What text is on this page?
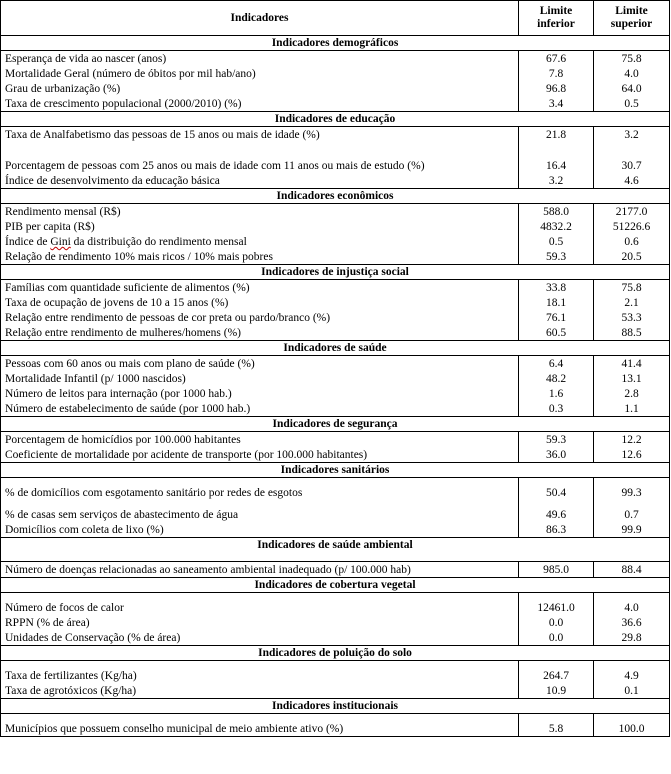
Indicadores	Limite inferior	Limite superior
Indicadores demográficos		
Esperança de vida ao nascer (anos)	67.6	75.8
Mortalidade Geral (número de óbitos por mil hab/ano)	7.8	4.0
Grau de urbanização (%)	96.8	64.0
Taxa de crescimento populacional (2000/2010) (%)	3.4	0.5
Indicadores de educação		
Taxa de Analfabetismo das pessoas de 15 anos ou mais de idade (%)	21.8	3.2
Porcentagem de pessoas com 25 anos ou mais de idade com 11 anos ou mais de estudo (%)	16.4	30.7
Índice de desenvolvimento da educação básica	3.2	4.6
Indicadores econômicos		
Rendimento mensal (R$)	588.0	2177.0
PIB per capita (R$)	4832.2	51226.6
Índice de Gini da distribuição do rendimento mensal	0.5	0.6
Relação de rendimento 10% mais ricos / 10% mais pobres	59.3	20.5
Indicadores de injustiça social		
Famílias com quantidade suficiente de alimentos (%)	33.8	75.8
Taxa de ocupação de jovens de 10 a 15 anos (%)	18.1	2.1
Relação entre rendimento de pessoas de cor preta ou pardo/branco (%)	76.1	53.3
Relação entre rendimento de mulheres/homens (%)	60.5	88.5
Indicadores de saúde		
Pessoas com 60 anos ou mais com plano de saúde (%)	6.4	41.4
Mortalidade Infantil (p/ 1000 nascidos)	48.2	13.1
Número de leitos para internação (por 1000 hab.)	1.6	2.8
Número de estabelecimento de saúde (por 1000 hab.)	0.3	1.1
Indicadores de segurança		
Porcentagem de homicídios por 100.000 habitantes	59.3	12.2
Coeficiente de mortalidade por acidente de transporte (por 100.000 habitantes)	36.0	12.6
Indicadores sanitários		
% de domicílios com esgotamento sanitário por redes de esgotos	50.4	99.3
% de casas sem serviços de abastecimento de água	49.6	0.7
Domicílios com coleta de lixo (%)	86.3	99.9
Indicadores de saúde ambiental		
Número de doenças relacionadas ao saneamento ambiental inadequado (p/ 100.000 hab)	985.0	88.4
Indicadores de cobertura vegetal		
Número de focos de calor	12461.0	4.0
RPPN (% de área)	0.0	36.6
Unidades de Conservação (% de área)	0.0	29.8
Indicadores de poluição do solo		
Taxa de fertilizantes (Kg/ha)	264.7	4.9
Taxa de agrotóxicos (Kg/ha)	10.9	0.1
Indicadores institucionais		
Municípios que possuem conselho municipal de meio ambiente ativo (%)	5.8	100.0
